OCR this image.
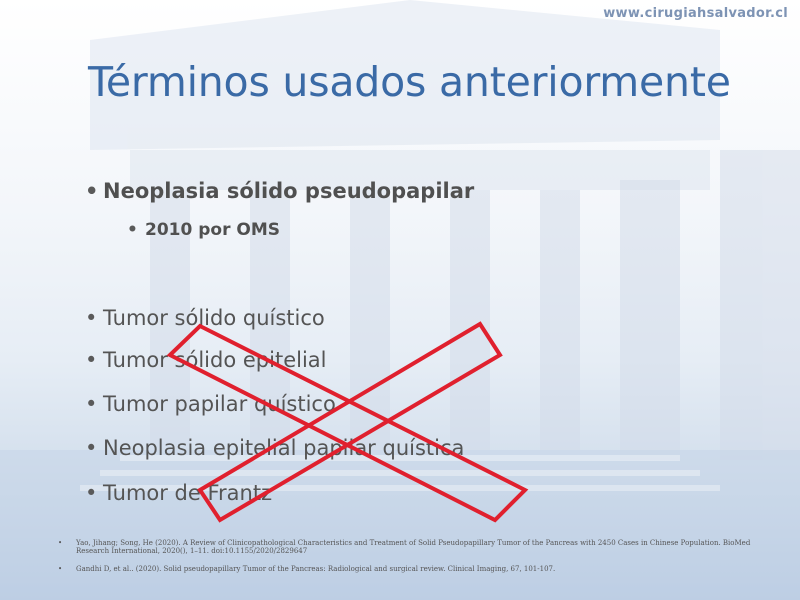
www.cirugiahsalvador.cl
Términos usados anteriormente
• Neoplasia sólido pseudopapilar
• 2010 por OMS
• Tumor sólido quístico
• Tumor sólido epitelial
• Tumor papilar quístico
• Neoplasia epitelial papilar quística
• Tumor de Frantz
• Yao, Jihang; Song, He (2020). A Review of Clinicopathological Characteristics and Treatment of Solid Pseudopapillary Tumor of the Pancreas with 2450 Cases in Chinese Population. BioMed Research International, 2020(), 1–11. doi:10.1155/2020/2829647
• Gandhi D, et al.. (2020). Solid pseudopapillary Tumor of the Pancreas: Radiological and surgical review. Clinical Imaging, 67, 101-107.
